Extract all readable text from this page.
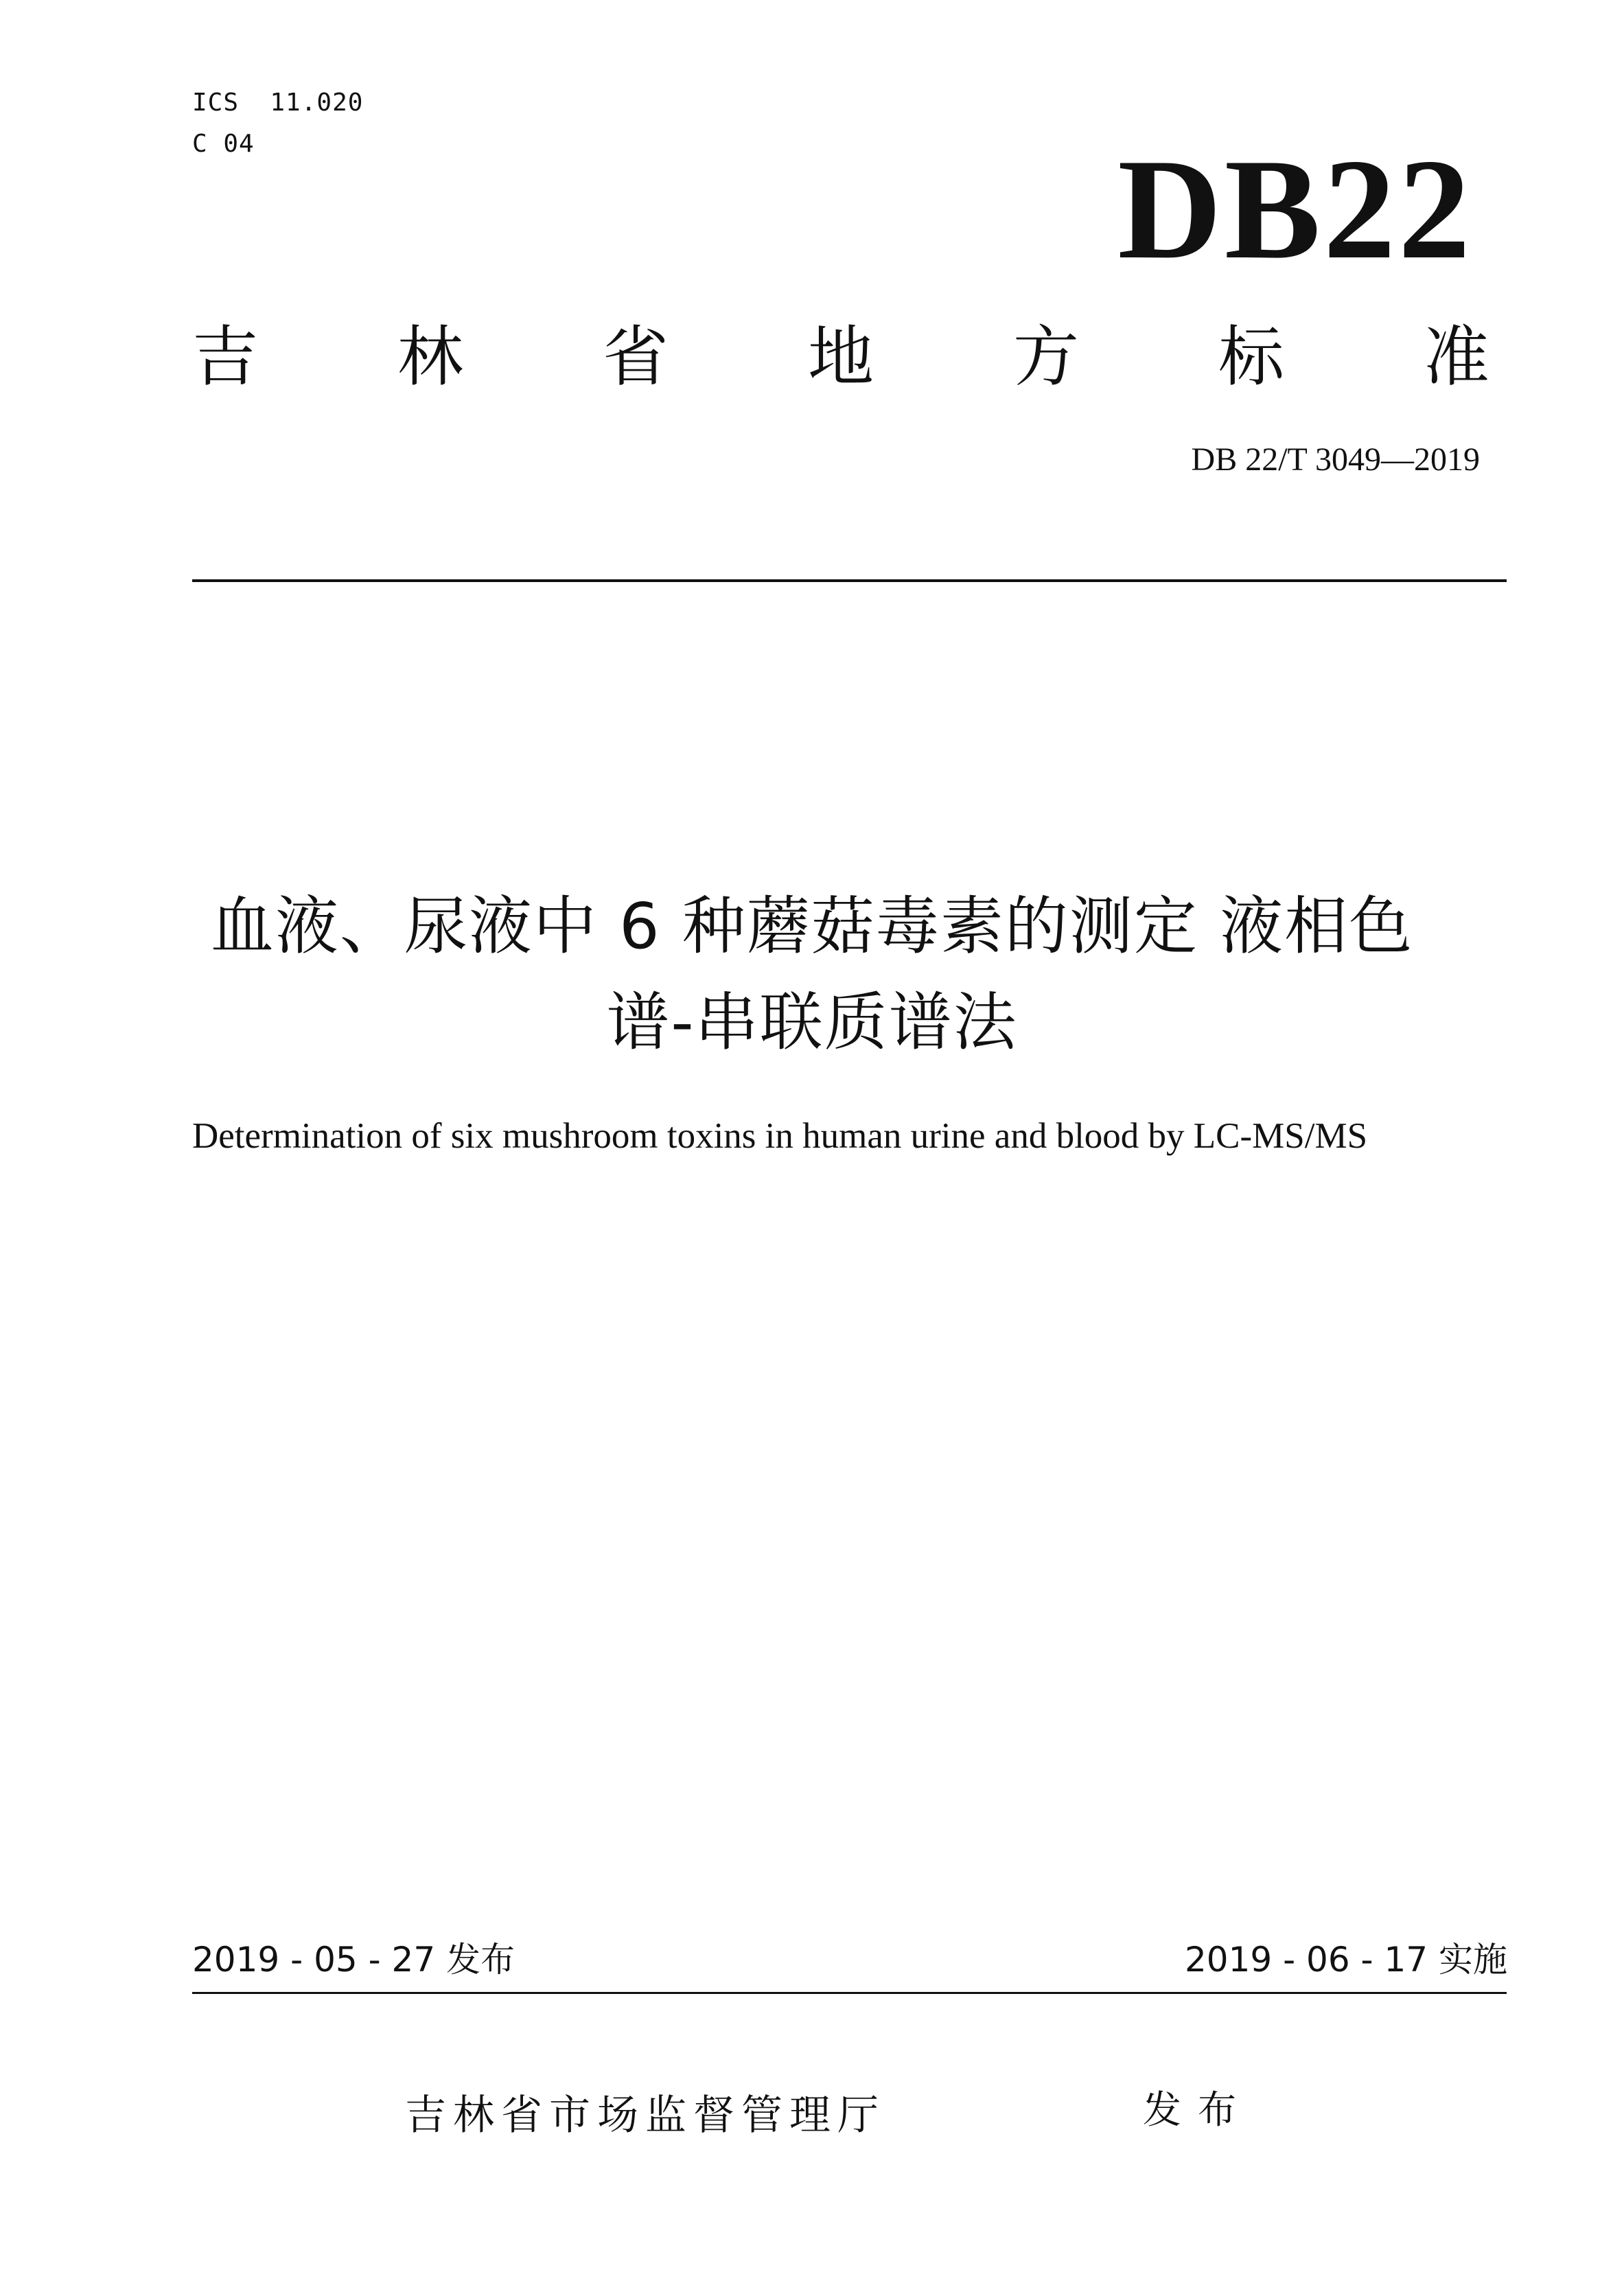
ICS  11.020
C 04	DB22
吉 林 省 地 方 标 准
DB 22/T 3049—2019
血液、尿液中 6 种蘑菇毒素的测定 液相色
谱-串联质谱法
Determination of six mushroom toxins in human urine and blood by LC-MS/MS
2019 - 05 - 27 发布	2019 - 06 - 17 实施
吉林省市场监督管理厅	发布
